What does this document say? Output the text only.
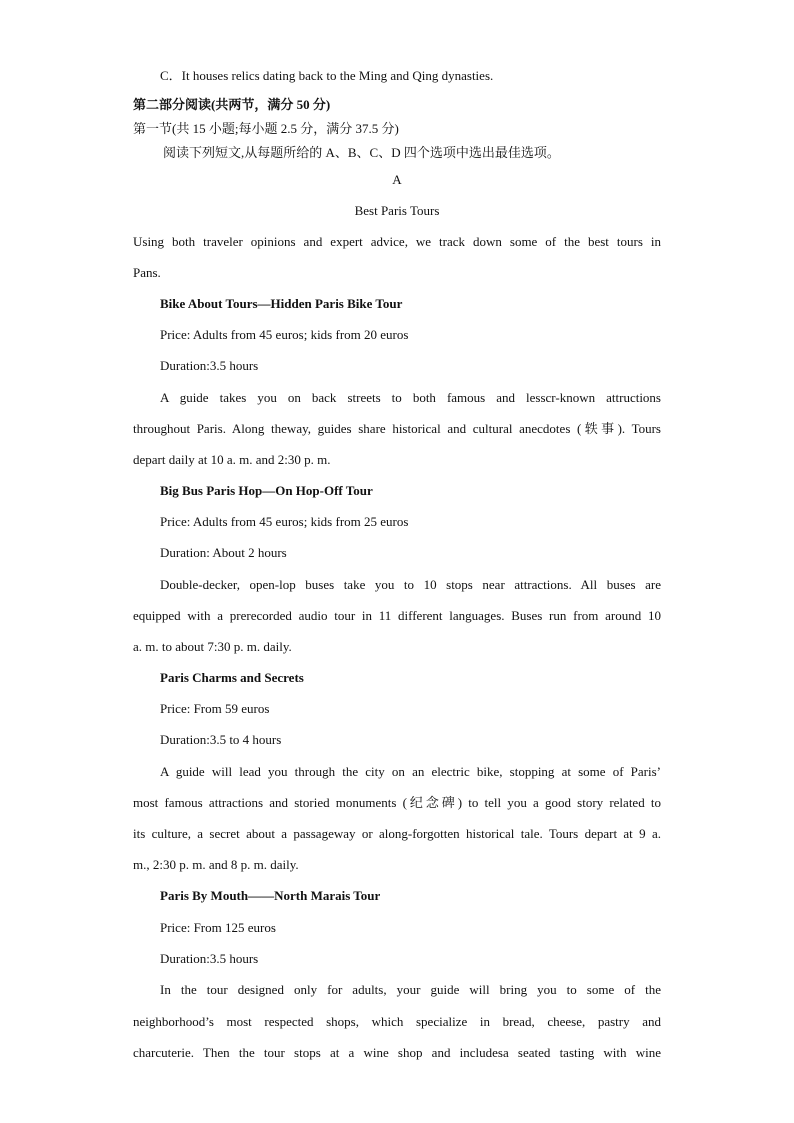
C．It houses relics dating back to the Ming and Qing dynasties.
第二部分阅读(共两节，满分 50 分)
第一节(共 15 小题;每小题 2.5 分，满分 37.5 分)
阅读下列短文,从每题所给的 A、B、C、D 四个选项中选出最佳选项。
A
Best Paris Tours
Using both traveler opinions and expert advice, we track down some of the best tours in
Pans.
Bike About Tours—Hidden Paris Bike Tour
Price: Adults from 45 euros; kids from 20 euros
Duration:3.5 hours
A guide takes you on back streets to both famous and lesscr-known attructions
throughout Paris. Along theway, guides share historical and cultural anecdotes (轶事). Tours
depart daily at 10 a. m. and 2:30 p. m.
Big Bus Paris Hop—On Hop-Off Tour
Price: Adults from 45 euros; kids from 25 euros
Duration: About 2 hours
Double-decker, open-lop buses take you to 10 stops near attractions. All buses are
equipped with a prerecorded audio tour in 11 different languages. Buses run from around 10
a. m. to about 7:30 p. m. daily.
Paris Charms and Secrets
Price: From 59 euros
Duration:3.5 to 4 hours
A guide will lead you through the city on an electric bike, stopping at some of Paris’
most famous attractions and storied monuments (纪念碑) to tell you a good story related to
its culture, a secret about a passageway or along-forgotten historical tale. Tours depart at 9 a.
m., 2:30 p. m. and 8 p. m. daily.
Paris By Mouth——North Marais Tour
Price: From 125 euros
Duration:3.5 hours
In the tour designed only for adults, your guide will bring you to some of the
neighborhood’s most respected shops, which specialize in bread, cheese, pastry and
charcuterie. Then the tour stops at a wine shop and includesa seated tasting with wine
